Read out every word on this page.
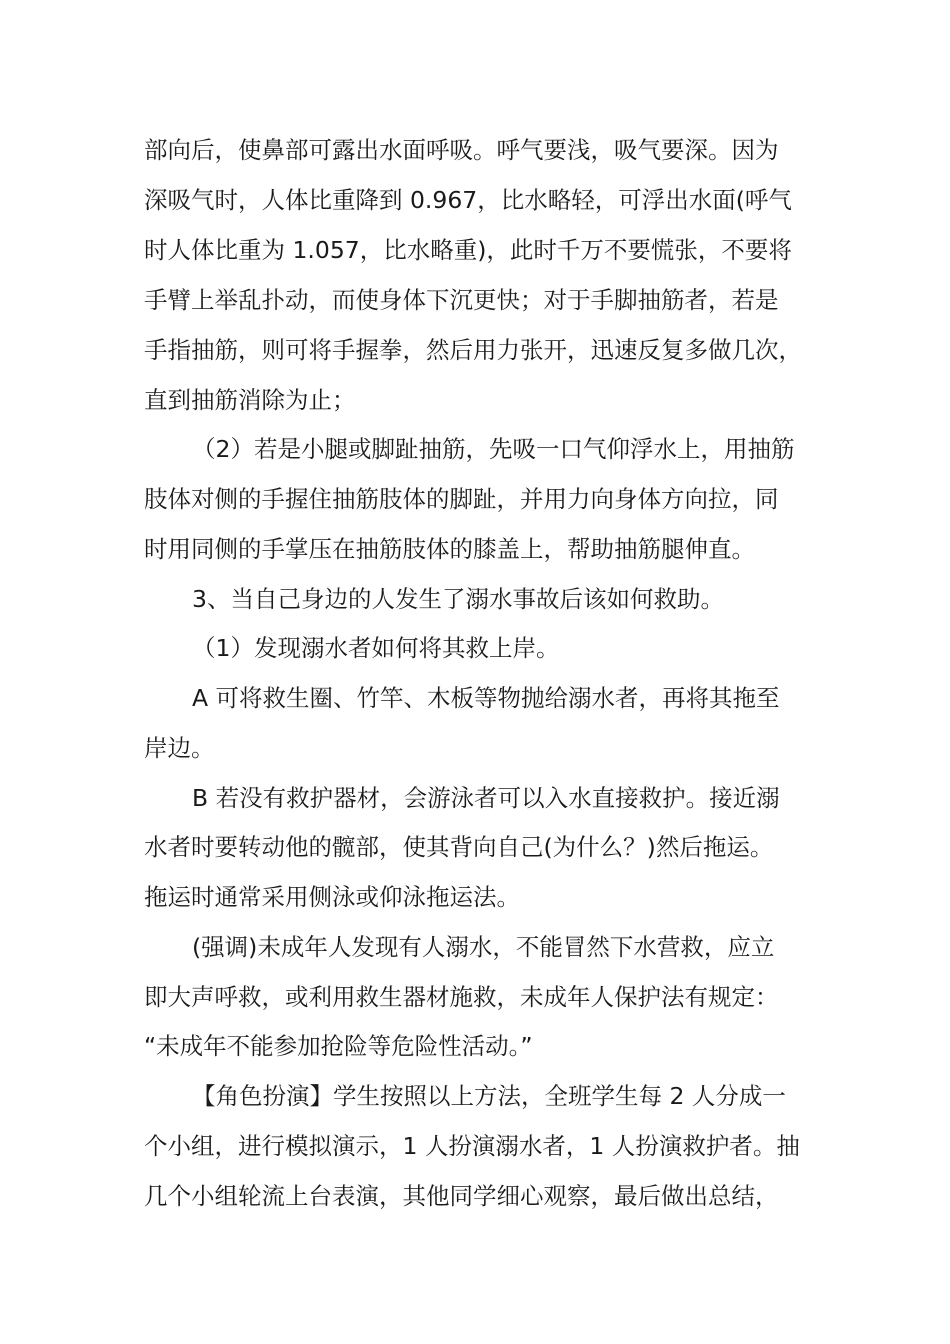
部向后，使鼻部可露出水面呼吸。呼气要浅，吸气要深。因为
深吸气时，人体比重降到 0.967，比水略轻，可浮出水面(呼气
时人体比重为 1.057，比水略重)，此时千万不要慌张，不要将
手臂上举乱扑动，而使身体下沉更快；对于手脚抽筋者，若是
手指抽筋，则可将手握拳，然后用力张开，迅速反复多做几次，
直到抽筋消除为止；
（2）若是小腿或脚趾抽筋，先吸一口气仰浮水上，用抽筋
肢体对侧的手握住抽筋肢体的脚趾，并用力向身体方向拉，同
时用同侧的手掌压在抽筋肢体的膝盖上，帮助抽筋腿伸直。
3、当自己身边的人发生了溺水事故后该如何救助。
（1）发现溺水者如何将其救上岸。
A 可将救生圈、竹竿、木板等物抛给溺水者，再将其拖至
岸边。
B 若没有救护器材，会游泳者可以入水直接救护。接近溺
水者时要转动他的髋部，使其背向自己(为什么？)然后拖运。
拖运时通常采用侧泳或仰泳拖运法。
(强调)未成年人发现有人溺水，不能冒然下水营救，应立
即大声呼救，或利用救生器材施救，未成年人保护法有规定：
“未成年不能参加抢险等危险性活动。”
【角色扮演】学生按照以上方法，全班学生每 2 人分成一
个小组，进行模拟演示，1 人扮演溺水者，1 人扮演救护者。抽
几个小组轮流上台表演，其他同学细心观察，最后做出总结，
